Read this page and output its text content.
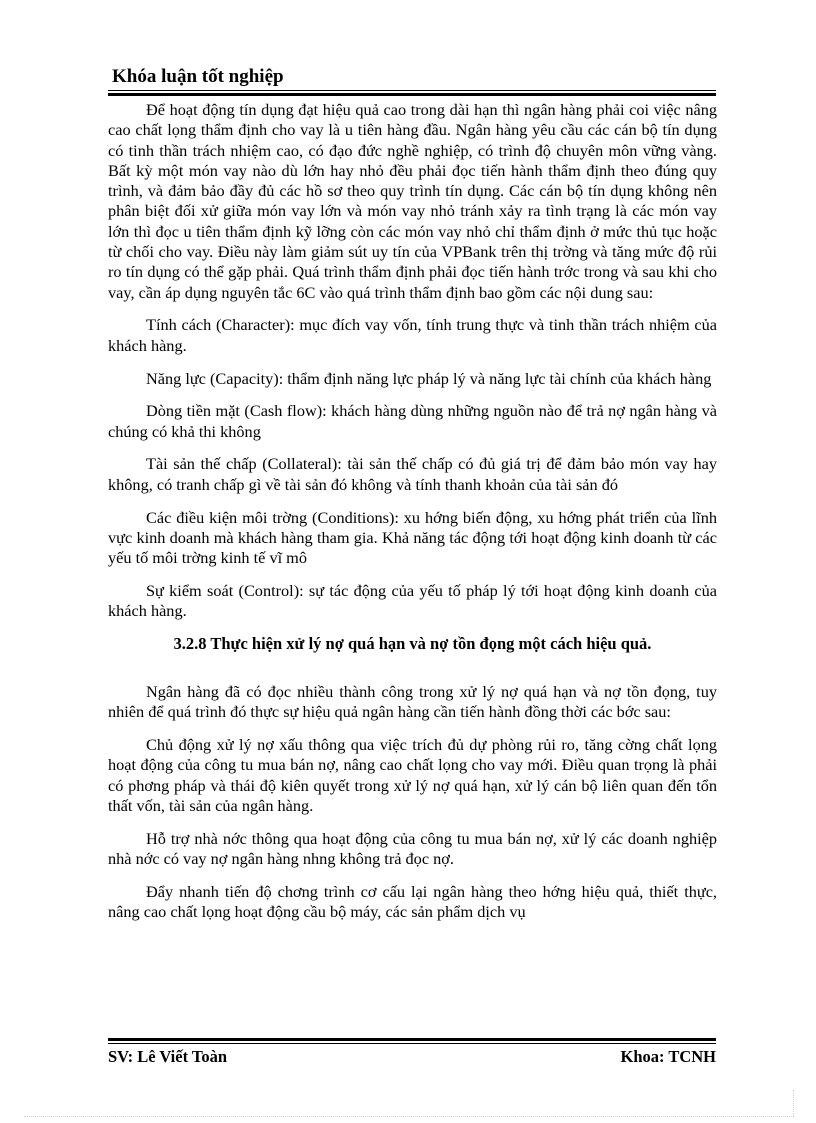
Khóa luận tốt nghiệp

Để hoạt động tín dụng đạt hiệu quả cao trong dài hạn thì ngân hàng phải coi việc nâng cao chất lọng thẩm định cho vay là u tiên hàng đầu. Ngân hàng yêu cầu các cán bộ tín dụng có tinh thần trách nhiệm cao, có đạo đức nghề nghiệp, có trình độ chuyên môn vững vàng. Bất kỳ một món vay nào dù lớn hay nhỏ đều phải đọc tiến hành thẩm định theo đúng quy trình, và đảm bảo đầy đủ các hồ sơ theo quy trình tín dụng. Các cán bộ tín dụng không nên phân biệt đối xử giữa món vay lớn và món vay nhỏ tránh xảy ra tình trạng là các món vay lớn thì đọc u tiên thẩm định kỹ lỡng còn các món vay nhỏ chỉ thẩm định ở mức thủ tục hoặc từ chối cho vay. Điều này làm giảm sút uy tín của VPBank trên thị trờng và tăng mức độ rủi ro tín dụng có thể gặp phải. Quá trình thẩm định phải đọc tiến hành trớc trong và sau khi cho vay, cần áp dụng nguyên tắc 6C vào quá trình thẩm định bao gồm các nội dung sau:

Tính cách (Character): mục đích vay vốn, tính trung thực và tinh thần trách nhiệm của khách hàng.

Năng lực (Capacity): thẩm định năng lực pháp lý và năng lực tài chính của khách hàng

Dòng tiền mặt (Cash flow): khách hàng dùng những nguồn nào để trả nợ ngân hàng và chúng có khả thi không

Tài sản thế chấp (Collateral): tài sản thế chấp có đủ giá trị để đảm bảo món vay hay không, có tranh chấp gì về tài sản đó không và tính thanh khoản của tài sản đó

Các điều kiện môi trờng (Conditions): xu hớng biến động, xu hớng phát triển của lĩnh vực kinh doanh mà khách hàng tham gia. Khả năng tác động tới hoạt động kinh doanh từ các yếu tố môi trờng kinh tế vĩ mô

Sự kiểm soát (Control): sự tác động của yếu tố pháp lý tới hoạt động kinh doanh của khách hàng.

3.2.8 Thực hiện xử lý nợ quá hạn và nợ tồn đọng một cách hiệu quả.

Ngân hàng đã có đọc nhiều thành công trong xử lý nợ quá hạn và nợ tồn đọng, tuy nhiên để quá trình đó thực sự hiệu quả ngân hàng cần tiến hành đồng thời các bớc sau:

Chủ động xử lý nợ xấu thông qua việc trích đủ dự phòng rủi ro, tăng cờng chất lọng hoạt động của công tu mua bán nợ, nâng cao chất lọng cho vay mới. Điều quan trọng là phải có phơng pháp và thái độ kiên quyết trong xử lý nợ quá hạn, xử lý cán bộ liên quan đến tổn thất vốn, tài sản của ngân hàng.

Hỗ trợ nhà nớc thông qua hoạt động của công tu mua bán nợ, xử lý các doanh nghiệp nhà nớc có vay nợ ngân hàng nhng không trả đọc nợ.

Đẩy nhanh tiến độ chơng trình cơ cấu lại ngân hàng theo hớng hiệu quả, thiết thực, nâng cao chất lọng hoạt động cầu bộ máy, các sản phẩm dịch vụ

SV: Lê Viết Toàn	Khoa: TCNH
